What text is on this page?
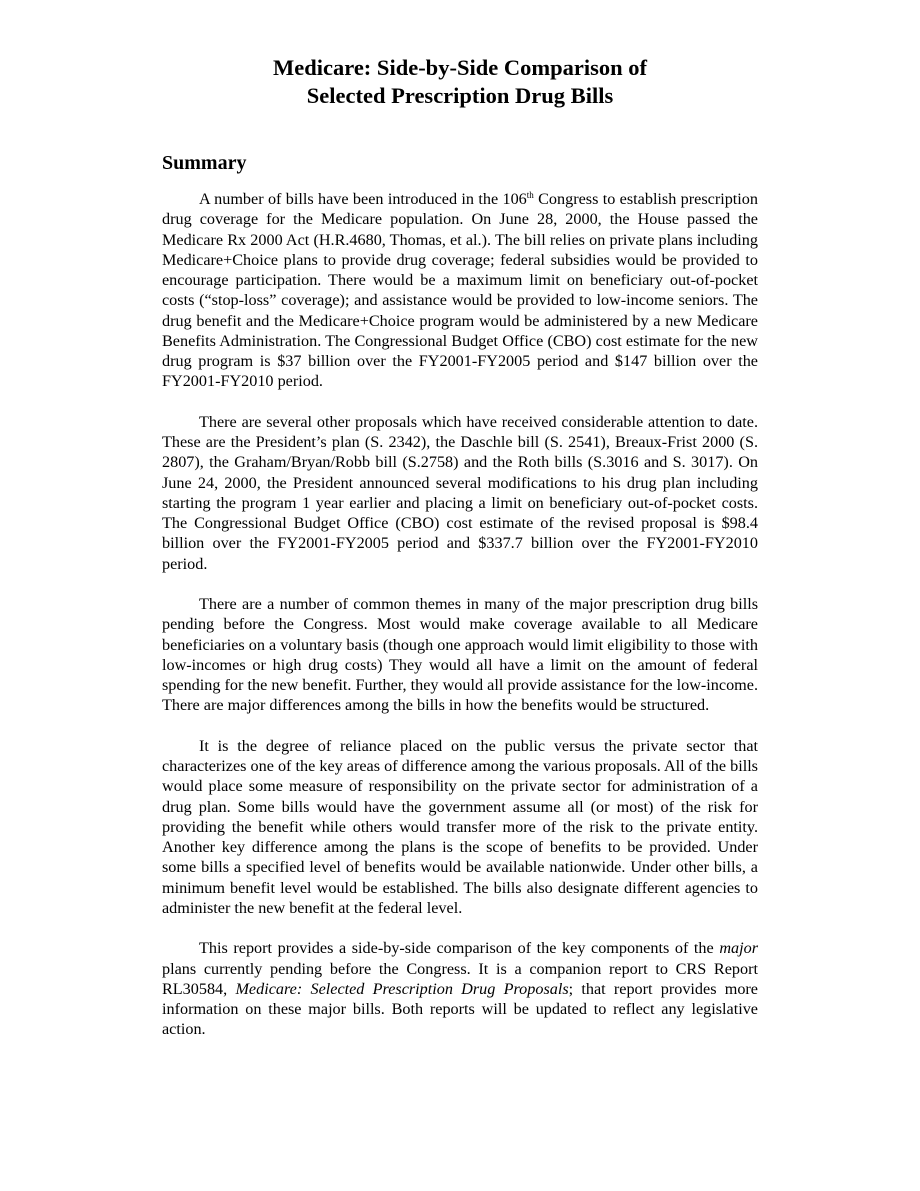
Medicare: Side-by-Side Comparison of
Selected Prescription Drug Bills
Summary

A number of bills have been introduced in the 106th Congress to establish prescription drug coverage for the Medicare population. On June 28, 2000, the House passed the Medicare Rx 2000 Act (H.R.4680, Thomas, et al.). The bill relies on private plans including Medicare+Choice plans to provide drug coverage; federal subsidies would be provided to encourage participation. There would be a maximum limit on beneficiary out-of-pocket costs (“stop-loss” coverage); and assistance would be provided to low-income seniors. The drug benefit and the Medicare+Choice program would be administered by a new Medicare Benefits Administration. The Congressional Budget Office (CBO) cost estimate for the new drug program is $37 billion over the FY2001-FY2005 period and $147 billion over the FY2001-FY2010 period.

There are several other proposals which have received considerable attention to date. These are the President’s plan (S. 2342), the Daschle bill (S. 2541), Breaux-Frist 2000 (S. 2807), the Graham/Bryan/Robb bill (S.2758) and the Roth bills (S.3016 and S. 3017). On June 24, 2000, the President announced several modifications to his drug plan including starting the program 1 year earlier and placing a limit on beneficiary out-of-pocket costs. The Congressional Budget Office (CBO) cost estimate of the revised proposal is $98.4 billion over the FY2001-FY2005 period and $337.7 billion over the FY2001-FY2010 period.

There are a number of common themes in many of the major prescription drug bills pending before the Congress. Most would make coverage available to all Medicare beneficiaries on a voluntary basis (though one approach would limit eligibility to those with low-incomes or high drug costs) They would all have a limit on the amount of federal spending for the new benefit. Further, they would all provide assistance for the low-income. There are major differences among the bills in how the benefits would be structured.

It is the degree of reliance placed on the public versus the private sector that characterizes one of the key areas of difference among the various proposals. All of the bills would place some measure of responsibility on the private sector for administration of a drug plan. Some bills would have the government assume all (or most) of the risk for providing the benefit while others would transfer more of the risk to the private entity. Another key difference among the plans is the scope of benefits to be provided. Under some bills a specified level of benefits would be available nationwide. Under other bills, a minimum benefit level would be established. The bills also designate different agencies to administer the new benefit at the federal level.

This report provides a side-by-side comparison of the key components of the major plans currently pending before the Congress. It is a companion report to CRS Report RL30584, Medicare: Selected Prescription Drug Proposals; that report provides more information on these major bills. Both reports will be updated to reflect any legislative action.
